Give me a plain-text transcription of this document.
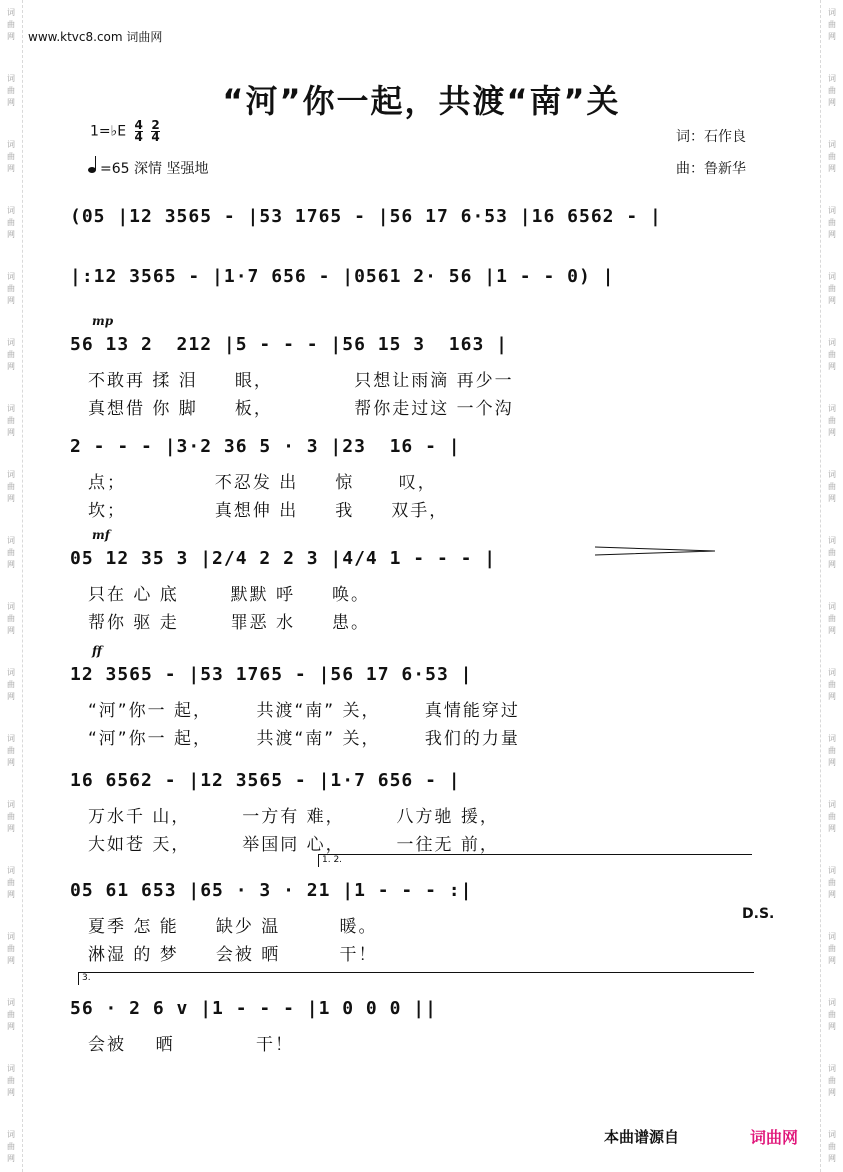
词
曲
网
词
曲
网
词
曲
网
词
曲
网
词
曲
网
词
曲
网
词
曲
网
词
曲
网
词
曲
网
词
曲
网
词
曲
网
词
曲
网
词
曲
网
词
曲
网
词
曲
网
词
曲
网
词
曲
网
词
曲
网
词
曲
网
词
曲
网
词
曲
网
词
曲
网
词
曲
网
词
曲
网
词
曲
网
词
曲
网
词
曲
网
词
曲
网
词
曲
网
词
曲
网
词
曲
网
词
曲
网
词
曲
网
词
曲
网
词
曲
网
词
曲
网
www.ktvc8.com 词曲网
“河”你一起，共渡“南”关
1=♭E $\frac{4}{4}$
$\frac{2}{4}$
=65 深情 坚强地
词：石作良
曲：鲁新华
(05 |12 3565 - |53 1765 - |56 17 6·53 |16 6562 - |
|:12 3565 - |1·7 656 - |0561 2· 56 |1 - - 0) |
mp
56 13 2  212 |5 - - - |56 15 3  163 |
不敢再 揉 泪     眼，           只想让雨滴 再少一
真想借 你 脚     板，           帮你走过这 一个沟
2 - - - |3·2 36 5 · 3 |23  16 - |
点；            不忍发 出     惊      叹，
坎；            真想伸 出     我     双手，
mf
05 12 35 3 |2/4 2 2 3 |4/4 1 - - - |
只在 心 底       默默 呼     唤。
帮你 驱 走       罪恶 水     患。
ff
12 3565 - |53 1765 - |56 17 6·53 |
“河”你一 起，      共渡“南” 关，      真情能穿过
“河”你一 起，      共渡“南” 关，      我们的力量
16 6562 - |12 3565 - |1·7 656 - |
万水千 山，       一方有 难，       八方驰 援，
大如苍 天，       举国同 心，       一往无 前，
1. 2.
05 61 653 |65 · 3 · 21 |1 - - - :|
D.S.
夏季 怎 能     缺少 温        暖。
淋湿 的 梦     会被 晒        干！
3.
56 · 2 6 v |1 - - - |1 0 0 0 ||
会被    晒           干！
本曲谱源自	词曲网
